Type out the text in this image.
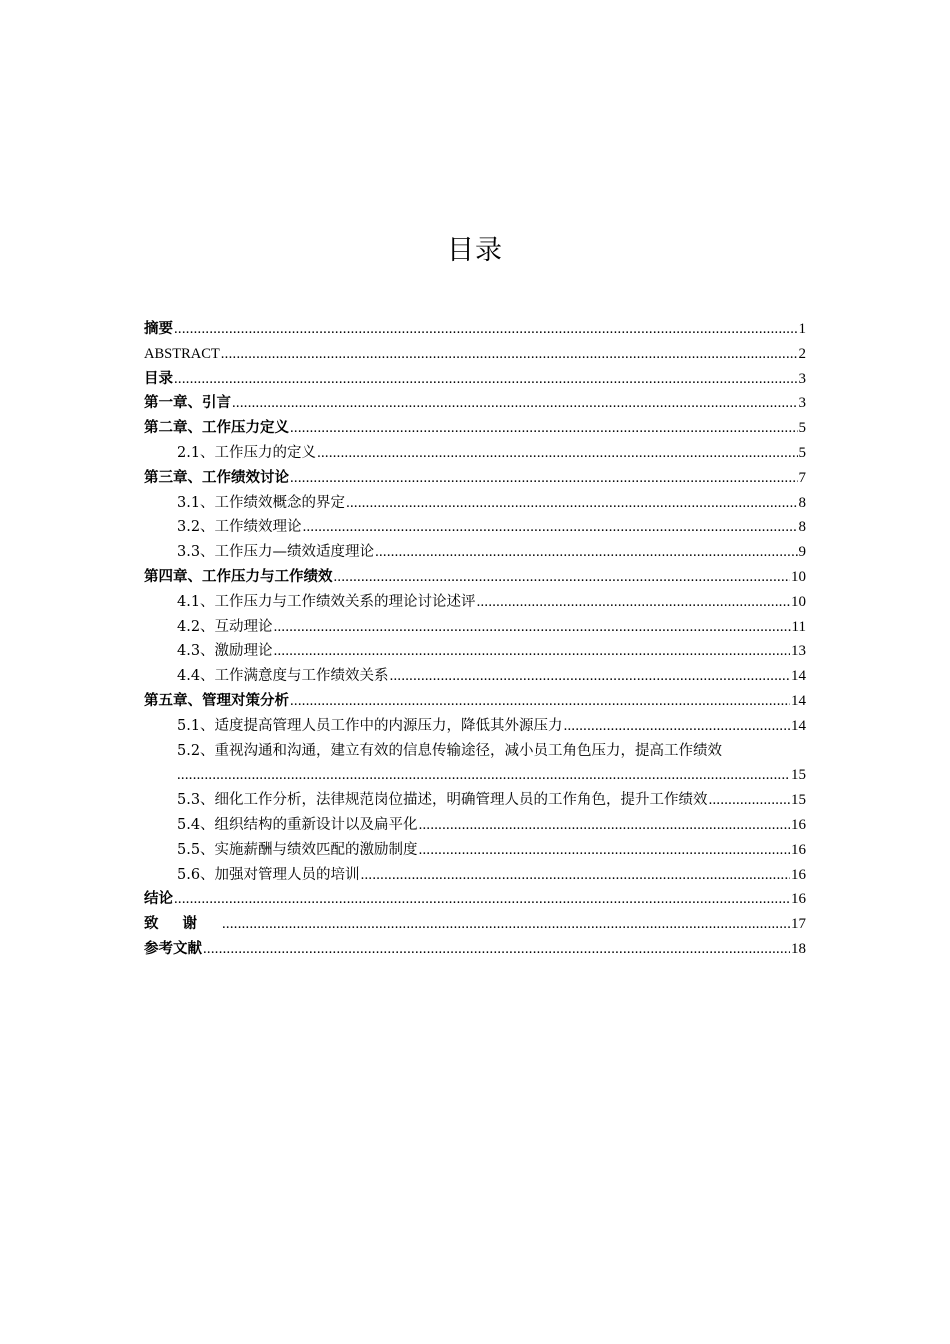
目录
摘要 .....	1
ABSTRACT .....	2
目录 .....	3
第一章、引言 .....	3
第二章、工作压力定义 .....	5
2.1、工作压力的定义 .....	5
第三章、工作绩效讨论 .....	7
3.1、工作绩效概念的界定 .....	8
3.2、工作绩效理论 .....	8
3.3、工作压力—绩效适度理论 .....	9
第四章、工作压力与工作绩效 .....	10
4.1、工作压力与工作绩效关系的理论讨论述评 .....	10
4.2、互动理论 .....	11
4.3、激励理论 .....	13
4.4、工作满意度与工作绩效关系 .....	14
第五章、管理对策分析 .....	14
5.1、适度提高管理人员工作中的内源压力，降低其外源压力 .....	14
5.2、重视沟通和沟通，建立有效的信息传输途径，减小员工角色压力，提高工作绩效
.....
15
5.3、细化工作分析，法律规范岗位描述，明确管理人员的工作角色，提升工作绩效 .....	15
5.4、组织结构的重新设计以及扁平化 .....	16
5.5、实施薪酬与绩效匹配的激励制度 .....	16
5.6、加强对管理人员的培训 .....	16
结论 .....	16
致谢 .....	17
参考文献 .....	18
